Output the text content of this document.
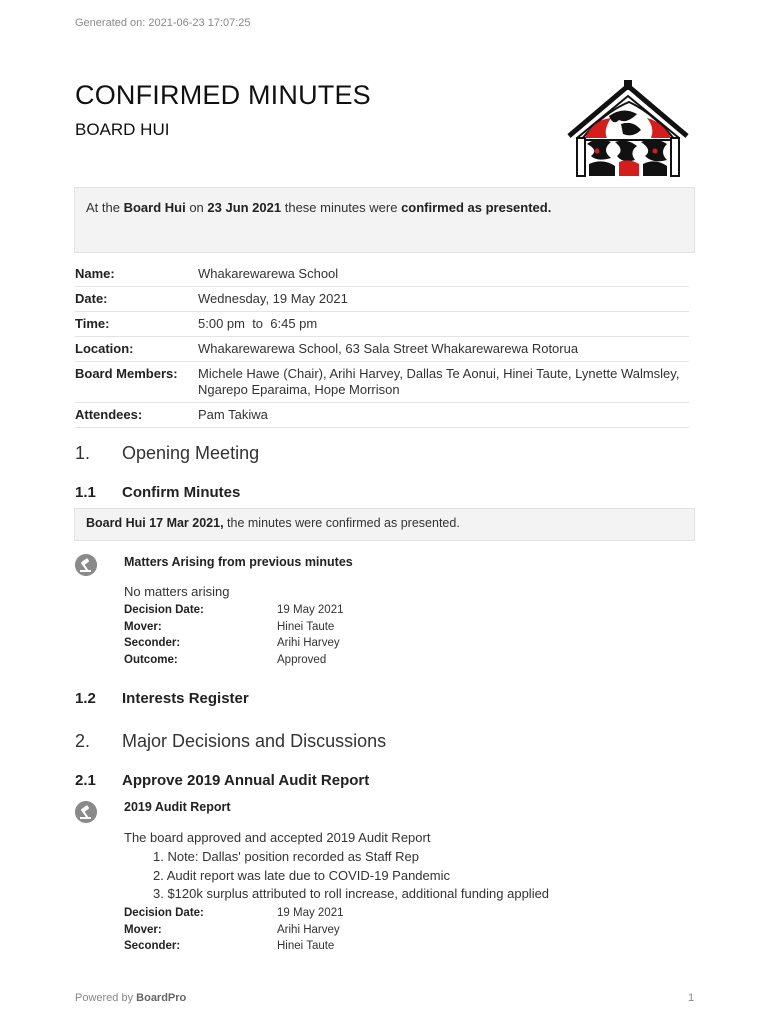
Generated on: 2021-06-23 17:07:25
CONFIRMED MINUTES
BOARD HUI
At the Board Hui on 23 Jun 2021 these minutes were confirmed as presented.
Name:	Whakarewarewa School
Date:	Wednesday, 19 May 2021
Time:	5:00 pm  to  6:45 pm
Location:	Whakarewarewa School, 63 Sala Street Whakarewarewa Rotorua
Board Members:	Michele Hawe (Chair), Arihi Harvey, Dallas Te Aonui, Hinei Taute, Lynette Walmsley, Ngarepo Eparaima, Hope Morrison
Attendees:	Pam Takiwa
1. Opening Meeting
1.1 Confirm Minutes
Board Hui 17 Mar 2021, the minutes were confirmed as presented.
Matters Arising from previous minutes
No matters arising
Decision Date:	19 May 2021
Mover:	Hinei Taute
Seconder:	Arihi Harvey
Outcome:	Approved
1.2 Interests Register
2. Major Decisions and Discussions
2.1 Approve 2019 Annual Audit Report
2019 Audit Report
The board approved and accepted 2019 Audit Report
1. Note: Dallas' position recorded as Staff Rep
2. Audit report was late due to COVID-19 Pandemic
3. $120k surplus attributed to roll increase, additional funding applied
Decision Date:	19 May 2021
Mover:	Arihi Harvey
Seconder:	Hinei Taute
Powered by BoardPro	1
